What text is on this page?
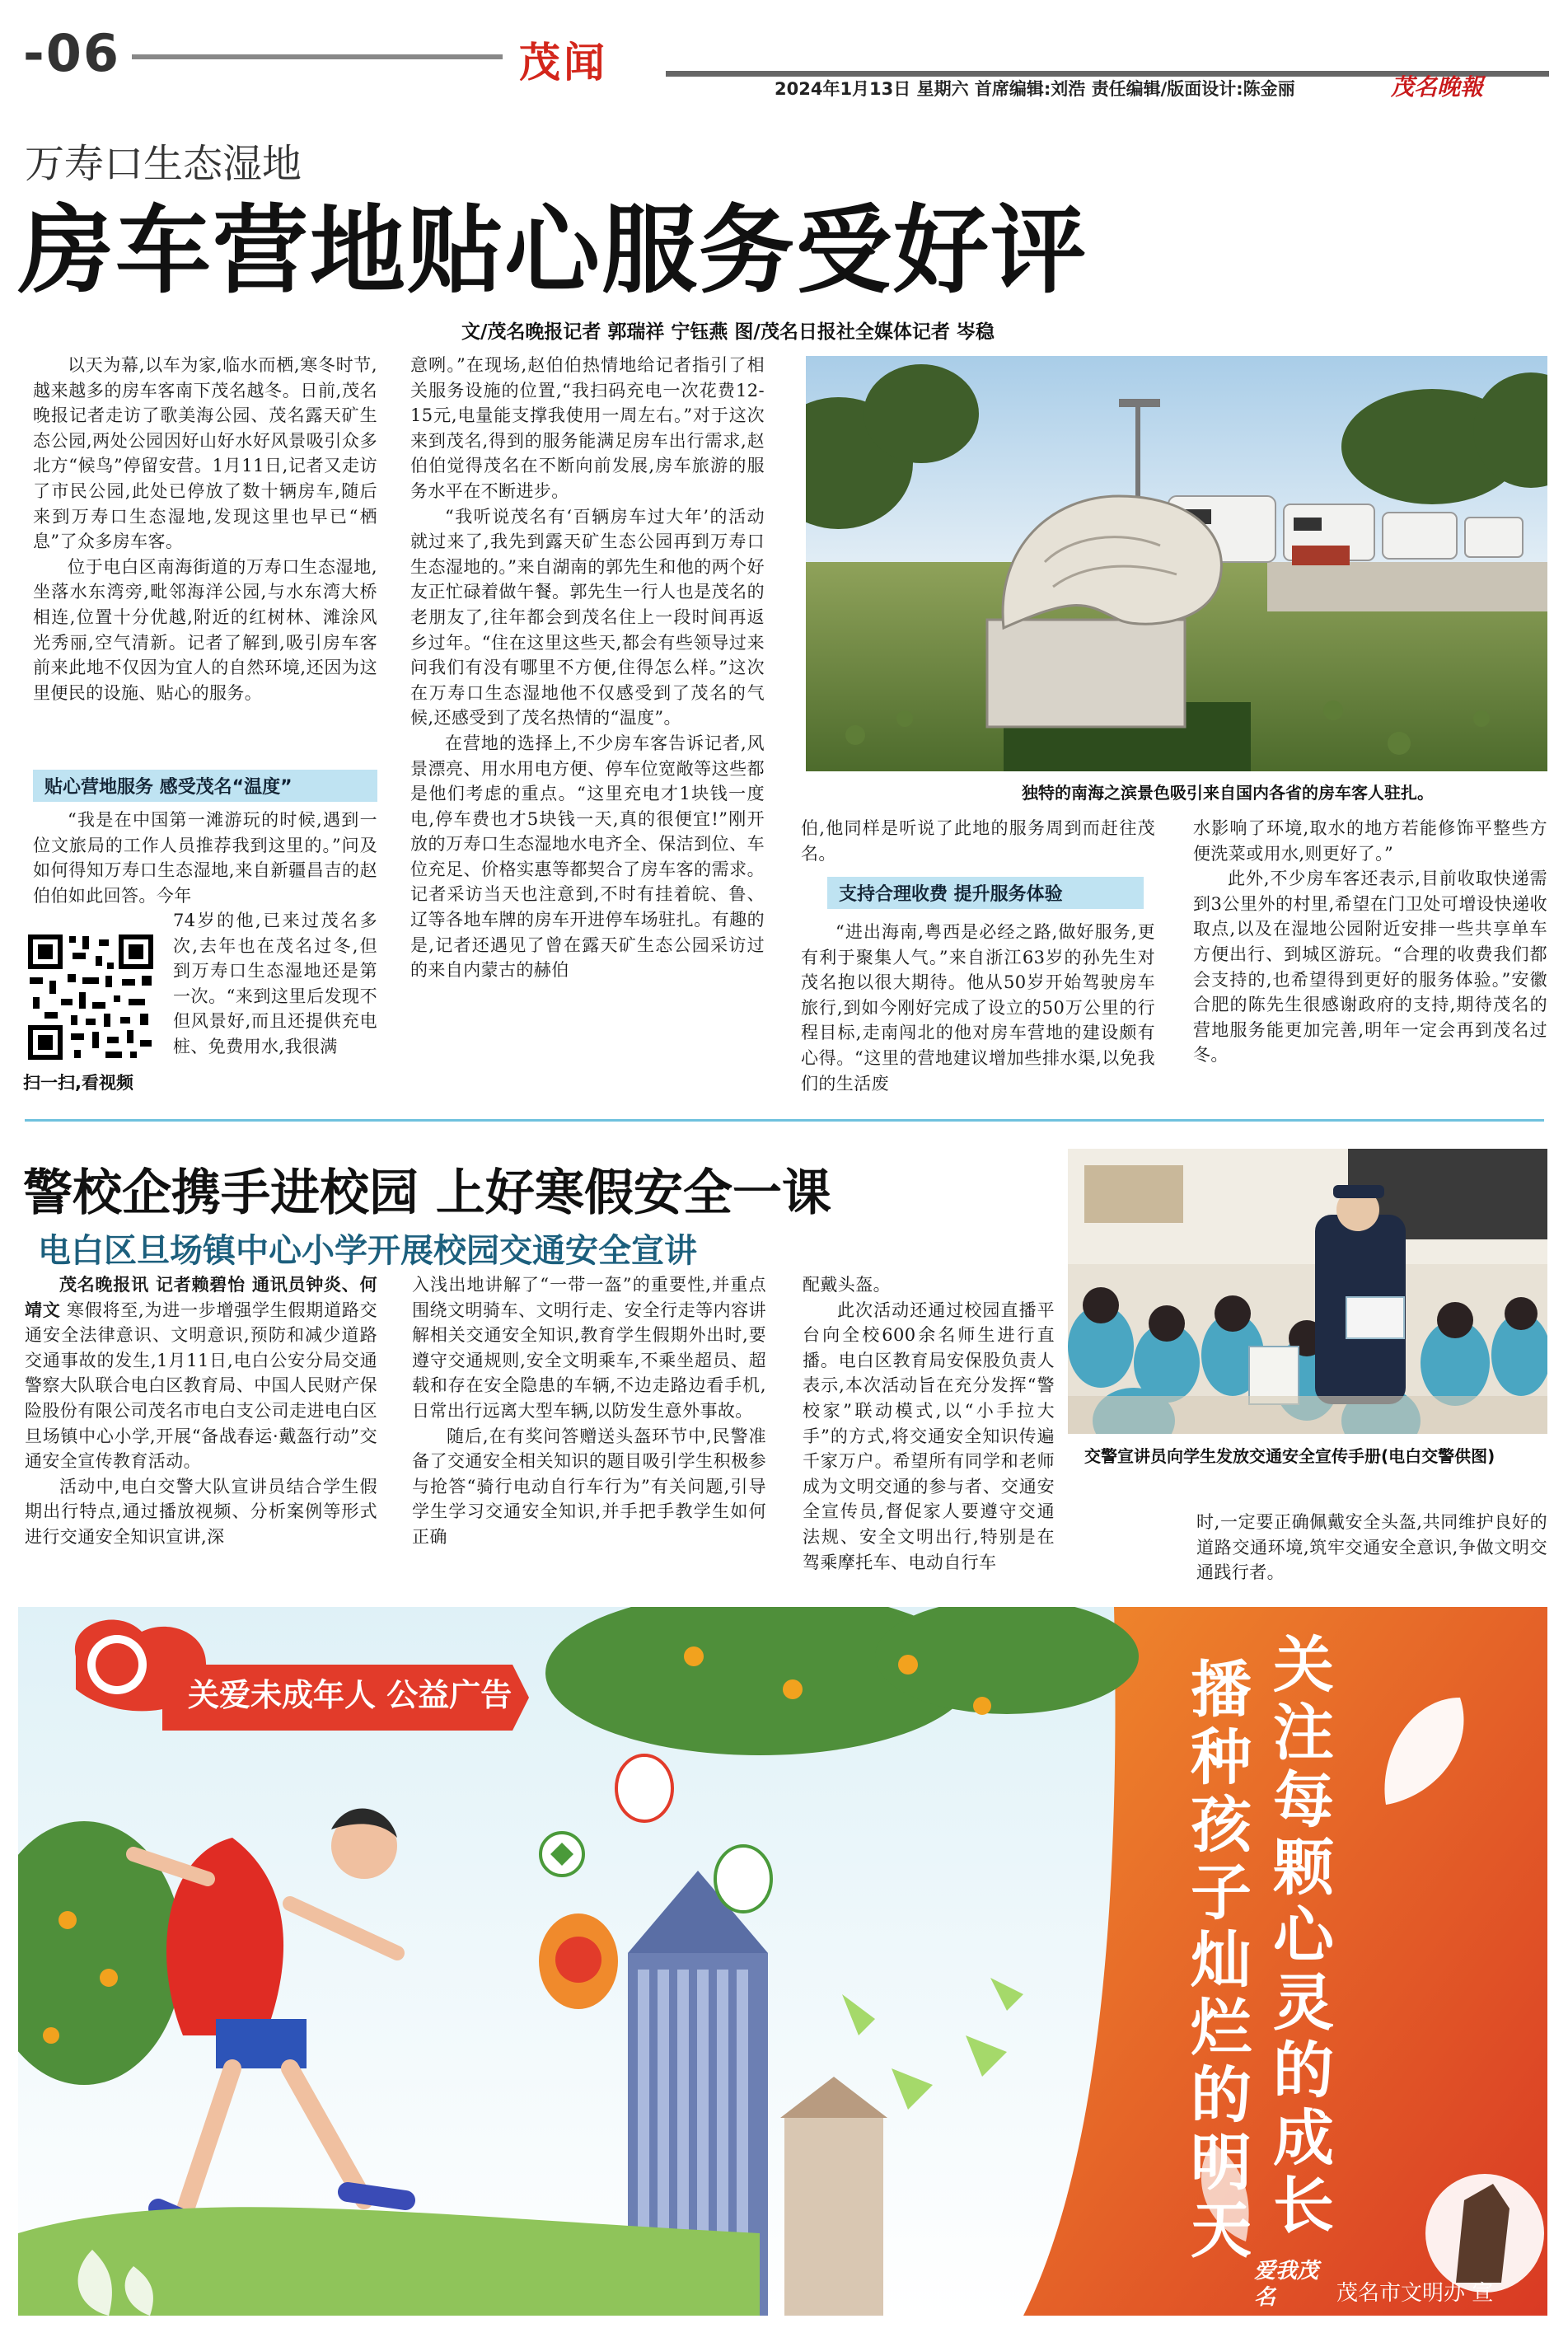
-06	茂闻
2024年1月13日 星期六 首席编辑:刘浩 责任编辑/版面设计:陈金丽	茂名晚報
万寿口生态湿地
房车营地贴心服务受好评
文/茂名晚报记者 郭瑞祥 宁钰燕 图/茂名日报社全媒体记者 岑稳

以天为幕,以车为家,临水而栖,寒冬时节,越来越多的房车客南下茂名越冬。日前,茂名晚报记者走访了歌美海公园、茂名露天矿生态公园,两处公园因好山好水好风景吸引众多北方“候鸟”停留安营。1月11日,记者又走访了市民公园,此处已停放了数十辆房车,随后来到万寿口生态湿地,发现这里也早已“栖息”了众多房车客。

位于电白区南海街道的万寿口生态湿地,坐落水东湾旁,毗邻海洋公园,与水东湾大桥相连,位置十分优越,附近的红树林、滩涂风光秀丽,空气清新。记者了解到,吸引房车客前来此地不仅因为宜人的自然环境,还因为这里便民的设施、贴心的服务。

贴心营地服务 感受茂名“温度”

“我是在中国第一滩游玩的时候,遇到一位文旅局的工作人员推荐我到这里的。”问及如何得知万寿口生态湿地,来自新疆昌吉的赵伯伯如此回答。今年

74岁的他,已来过茂名多次,去年也在茂名过冬,但到万寿口生态湿地还是第一次。“来到这里后发现不但风景好,而且还提供充电桩、免费用水,我很满

扫一扫,看视频

意咧。”在现场,赵伯伯热情地给记者指引了相关服务设施的位置,“我扫码充电一次花费12-15元,电量能支撑我使用一周左右。”对于这次来到茂名,得到的服务能满足房车出行需求,赵伯伯觉得茂名在不断向前发展,房车旅游的服务水平在不断进步。

“我听说茂名有‘百辆房车过大年’的活动就过来了,我先到露天矿生态公园再到万寿口生态湿地的。”来自湖南的郭先生和他的两个好友正忙碌着做午餐。郭先生一行人也是茂名的老朋友了,往年都会到茂名住上一段时间再返乡过年。“住在这里这些天,都会有些领导过来问我们有没有哪里不方便,住得怎么样。”这次在万寿口生态湿地他不仅感受到了茂名的气候,还感受到了茂名热情的“温度”。

在营地的选择上,不少房车客告诉记者,风景漂亮、用水用电方便、停车位宽敞等这些都是他们考虑的重点。“这里充电才1块钱一度电,停车费也才5块钱一天,真的很便宜!”刚开放的万寿口生态湿地水电齐全、保洁到位、车位充足、价格实惠等都契合了房车客的需求。记者采访当天也注意到,不时有挂着皖、鲁、辽等各地车牌的房车开进停车场驻扎。有趣的是,记者还遇见了曾在露天矿生态公园采访过的来自内蒙古的赫伯

独特的南海之滨景色吸引来自国内各省的房车客人驻扎。

伯,他同样是听说了此地的服务周到而赶往茂名。

支持合理收费 提升服务体验

“进出海南,粤西是必经之路,做好服务,更有利于聚集人气。”来自浙江63岁的孙先生对茂名抱以很大期待。他从50岁开始驾驶房车旅行,到如今刚好完成了设立的50万公里的行程目标,走南闯北的他对房车营地的建设颇有心得。“这里的营地建议增加些排水渠,以免我们的生活废

水影响了环境,取水的地方若能修饰平整些方便洗菜或用水,则更好了。”

此外,不少房车客还表示,目前收取快递需到3公里外的村里,希望在门卫处可增设快递收取点,以及在湿地公园附近安排一些共享单车方便出行、到城区游玩。“合理的收费我们都会支持的,也希望得到更好的服务体验。”安徽合肥的陈先生很感谢政府的支持,期待茂名的营地服务能更加完善,明年一定会再到茂名过冬。

警校企携手进校园 上好寒假安全一课
电白区旦场镇中心小学开展校园交通安全宣讲

茂名晚报讯 记者赖碧怡 通讯员钟炎、何靖文 寒假将至,为进一步增强学生假期道路交通安全法律意识、文明意识,预防和减少道路交通事故的发生,1月11日,电白公安分局交通警察大队联合电白区教育局、中国人民财产保险股份有限公司茂名市电白支公司走进电白区旦场镇中心小学,开展“备战春运·戴盔行动”交通安全宣传教育活动。

活动中,电白交警大队宣讲员结合学生假期出行特点,通过播放视频、分析案例等形式进行交通安全知识宣讲,深

入浅出地讲解了“一带一盔”的重要性,并重点围绕文明骑车、文明行走、安全行走等内容讲解相关交通安全知识,教育学生假期外出时,要遵守交通规则,安全文明乘车,不乘坐超员、超载和存在安全隐患的车辆,不边走路边看手机,日常出行远离大型车辆,以防发生意外事故。

随后,在有奖问答赠送头盔环节中,民警准备了交通安全相关知识的题目吸引学生积极参与抢答“骑行电动自行车行为”有关问题,引导学生学习交通安全知识,并手把手教学生如何正确

配戴头盔。

此次活动还通过校园直播平台向全校600余名师生进行直播。电白区教育局安保股负责人表示,本次活动旨在充分发挥“警校家”联动模式,以“小手拉大手”的方式,将交通安全知识传遍千家万户。希望所有同学和老师成为文明交通的参与者、交通安全宣传员,督促家人要遵守交通法规、安全文明出行,特别是在驾乘摩托车、电动自行车

时,一定要正确佩戴安全头盔,共同维护良好的道路交通环境,筑牢交通安全意识,争做文明交通践行者。

交警宣讲员向学生发放交通安全宣传手册(电白交警供图)
关爱未成年人 公益广告	播种孩子灿烂的明天
关注每颗心灵的成长
爱我茂名	茂名市文明办 宣
